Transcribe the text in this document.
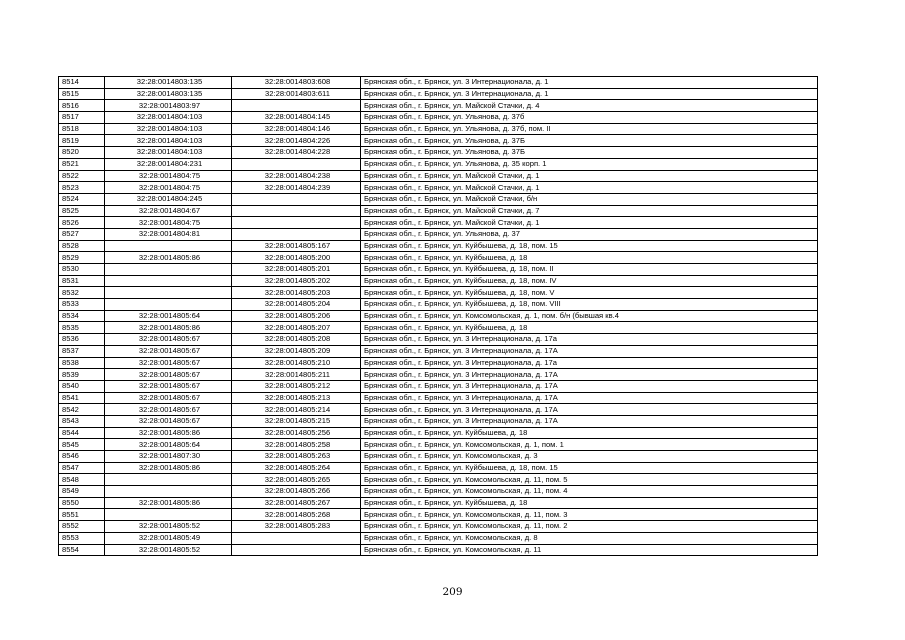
8514	32:28:0014803:135	32:28:0014803:608	Брянская обл., г. Брянск, ул. 3 Интернационала, д. 1
8515	32:28:0014803:135	32:28:0014803:611	Брянская обл., г. Брянск, ул. 3 Интернационала, д. 1
8516	32:28:0014803:97		Брянская обл., г. Брянск, ул. Майской Стачки, д. 4
8517	32:28:0014804:103	32:28:0014804:145	Брянская обл., г. Брянск, ул. Ульянова, д. 37б
8518	32:28:0014804:103	32:28:0014804:146	Брянская обл., г. Брянск, ул. Ульянова, д. 37б, пом. II
8519	32:28:0014804:103	32:28:0014804:226	Брянская обл., г. Брянск, ул. Ульянова, д. 37Б
8520	32:28:0014804:103	32:28:0014804:228	Брянская обл., г. Брянск, ул. Ульянова, д. 37Б
8521	32:28:0014804:231		Брянская обл., г. Брянск, ул. Ульянова, д. 35 корп. 1
8522	32:28:0014804:75	32:28:0014804:238	Брянская обл., г. Брянск, ул. Майской Стачки, д. 1
8523	32:28:0014804:75	32:28:0014804:239	Брянская обл., г. Брянск, ул. Майской Стачки, д. 1
8524	32:28:0014804:245		Брянская обл., г. Брянск, ул. Майской Стачки, б/н
8525	32:28:0014804:67		Брянская обл., г. Брянск, ул. Майской Стачки, д. 7
8526	32:28:0014804:75		Брянская обл., г. Брянск, ул. Майской Стачки, д. 1
8527	32:28:0014804:81		Брянская обл., г. Брянск, ул. Ульянова, д. 37
8528		32:28:0014805:167	Брянская обл., г. Брянск, ул. Куйбышева, д. 18, пом. 15
8529	32:28:0014805:86	32:28:0014805:200	Брянская обл., г. Брянск, ул. Куйбышева, д. 18
8530		32:28:0014805:201	Брянская обл., г. Брянск, ул. Куйбышева, д. 18, пом. II
8531		32:28:0014805:202	Брянская обл., г. Брянск, ул. Куйбышева, д. 18, пом. IV
8532		32:28:0014805:203	Брянская обл., г. Брянск, ул. Куйбышева, д. 18, пом. V
8533		32:28:0014805:204	Брянская обл., г. Брянск, ул. Куйбышева, д. 18, пом. VIII
8534	32:28:0014805:64	32:28:0014805:206	Брянская обл., г. Брянск, ул. Комсомольская, д. 1, пом. б/н (бывшая кв.4
8535	32:28:0014805:86	32:28:0014805:207	Брянская обл., г. Брянск, ул. Куйбышева, д. 18
8536	32:28:0014805:67	32:28:0014805:208	Брянская обл., г. Брянск, ул. 3 Интернационала, д. 17а
8537	32:28:0014805:67	32:28:0014805:209	Брянская обл., г. Брянск, ул. 3 Интернационала, д. 17А
8538	32:28:0014805:67	32:28:0014805:210	Брянская обл., г. Брянск, ул. 3 Интернационала, д. 17а
8539	32:28:0014805:67	32:28:0014805:211	Брянская обл., г. Брянск, ул. 3 Интернационала, д. 17А
8540	32:28:0014805:67	32:28:0014805:212	Брянская обл., г. Брянск, ул. 3 Интернационала, д. 17А
8541	32:28:0014805:67	32:28:0014805:213	Брянская обл., г. Брянск, ул. 3 Интернационала, д. 17А
8542	32:28:0014805:67	32:28:0014805:214	Брянская обл., г. Брянск, ул. 3 Интернационала, д. 17А
8543	32:28:0014805:67	32:28:0014805:215	Брянская обл., г. Брянск, ул. 3 Интернационала, д. 17А
8544	32:28:0014805:86	32:28:0014805:256	Брянская обл., г. Брянск, ул. Куйбышева, д. 18
8545	32:28:0014805:64	32:28:0014805:258	Брянская обл., г. Брянск, ул. Комсомольская, д. 1, пом. 1
8546	32:28:0014807:30	32:28:0014805:263	Брянская обл., г. Брянск, ул. Комсомольская, д. 3
8547	32:28:0014805:86	32:28:0014805:264	Брянская обл., г. Брянск, ул. Куйбышева, д. 18, пом. 15
8548		32:28:0014805:265	Брянская обл., г. Брянск, ул. Комсомольская, д. 11, пом. 5
8549		32:28:0014805:266	Брянская обл., г. Брянск, ул. Комсомольская, д. 11, пом. 4
8550	32:28:0014805:86	32:28:0014805:267	Брянская обл., г. Брянск, ул. Куйбышева, д. 18
8551		32:28:0014805:268	Брянская обл., г. Брянск, ул. Комсомольская, д. 11, пом. 3
8552	32:28:0014805:52	32:28:0014805:283	Брянская обл., г. Брянск, ул. Комсомольская, д. 11, пом. 2
8553	32:28:0014805:49		Брянская обл., г. Брянск, ул. Комсомольская, д. 8
8554	32:28:0014805:52		Брянская обл., г. Брянск, ул. Комсомольская, д. 11
209
